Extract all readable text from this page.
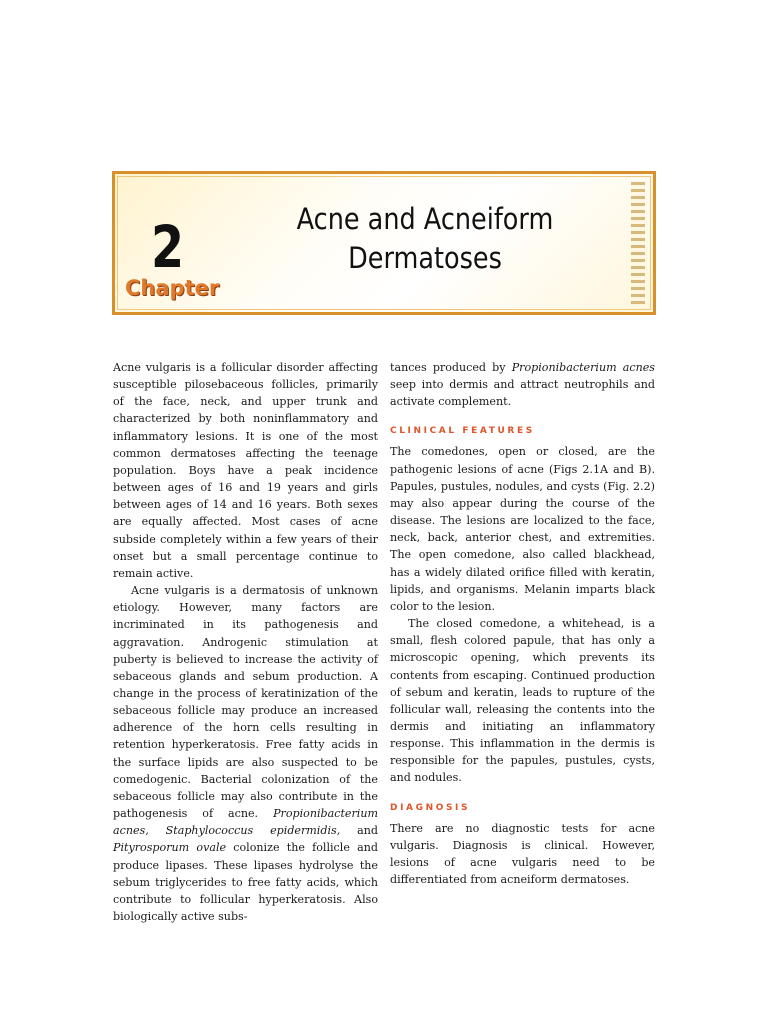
2
Chapter
Acne and Acneiform
Dermatoses

Acne vulgaris is a follicular disorder affecting susceptible pilosebaceous follicles, primarily of the face, neck, and upper trunk and characterized by both noninflammatory and inflammatory lesions. It is one of the most common dermatoses affecting the teenage population. Boys have a peak incidence between ages of 16 and 19 years and girls between ages of 14 and 16 years. Both sexes are equally affected. Most cases of acne subside completely within a few years of their onset but a small percentage continue to remain active.

Acne vulgaris is a dermatosis of unknown etiology. However, many factors are incriminated in its pathogenesis and aggravation. Androgenic stimulation at puberty is believed to increase the activity of sebaceous glands and sebum production. A change in the process of keratinization of the sebaceous follicle may produce an increased adherence of the horn cells resulting in retention hyperkeratosis. Free fatty acids in the surface lipids are also suspected to be comedogenic. Bacterial colonization of the sebaceous follicle may also contribute in the pathogenesis of acne. Propionibacterium acnes, Staphylococcus epidermidis, and Pityrosporum ovale colonize the follicle and produce lipases. These lipases hydrolyse the sebum triglycerides to free fatty acids, which contribute to follicular hyperkeratosis. Also biologically active subs-

tances produced by Propionibacterium acnes seep into dermis and attract neutrophils and activate complement.

CLINICAL FEATURES

The comedones, open or closed, are the pathogenic lesions of acne (Figs 2.1A and B). Papules, pustules, nodules, and cysts (Fig. 2.2) may also appear during the course of the disease. The lesions are localized to the face, neck, back, anterior chest, and extremities. The open comedone, also called blackhead, has a widely dilated orifice filled with keratin, lipids, and organisms. Melanin imparts black color to the lesion.

The closed comedone, a whitehead, is a small, flesh colored papule, that has only a microscopic opening, which prevents its contents from escaping. Continued production of sebum and keratin, leads to rupture of the follicular wall, releasing the contents into the dermis and initiating an inflammatory response. This inflammation in the dermis is responsible for the papules, pustules, cysts, and nodules.

DIAGNOSIS

There are no diagnostic tests for acne vulgaris. Diagnosis is clinical. However, lesions of acne vulgaris need to be differentiated from acneiform dermatoses.
